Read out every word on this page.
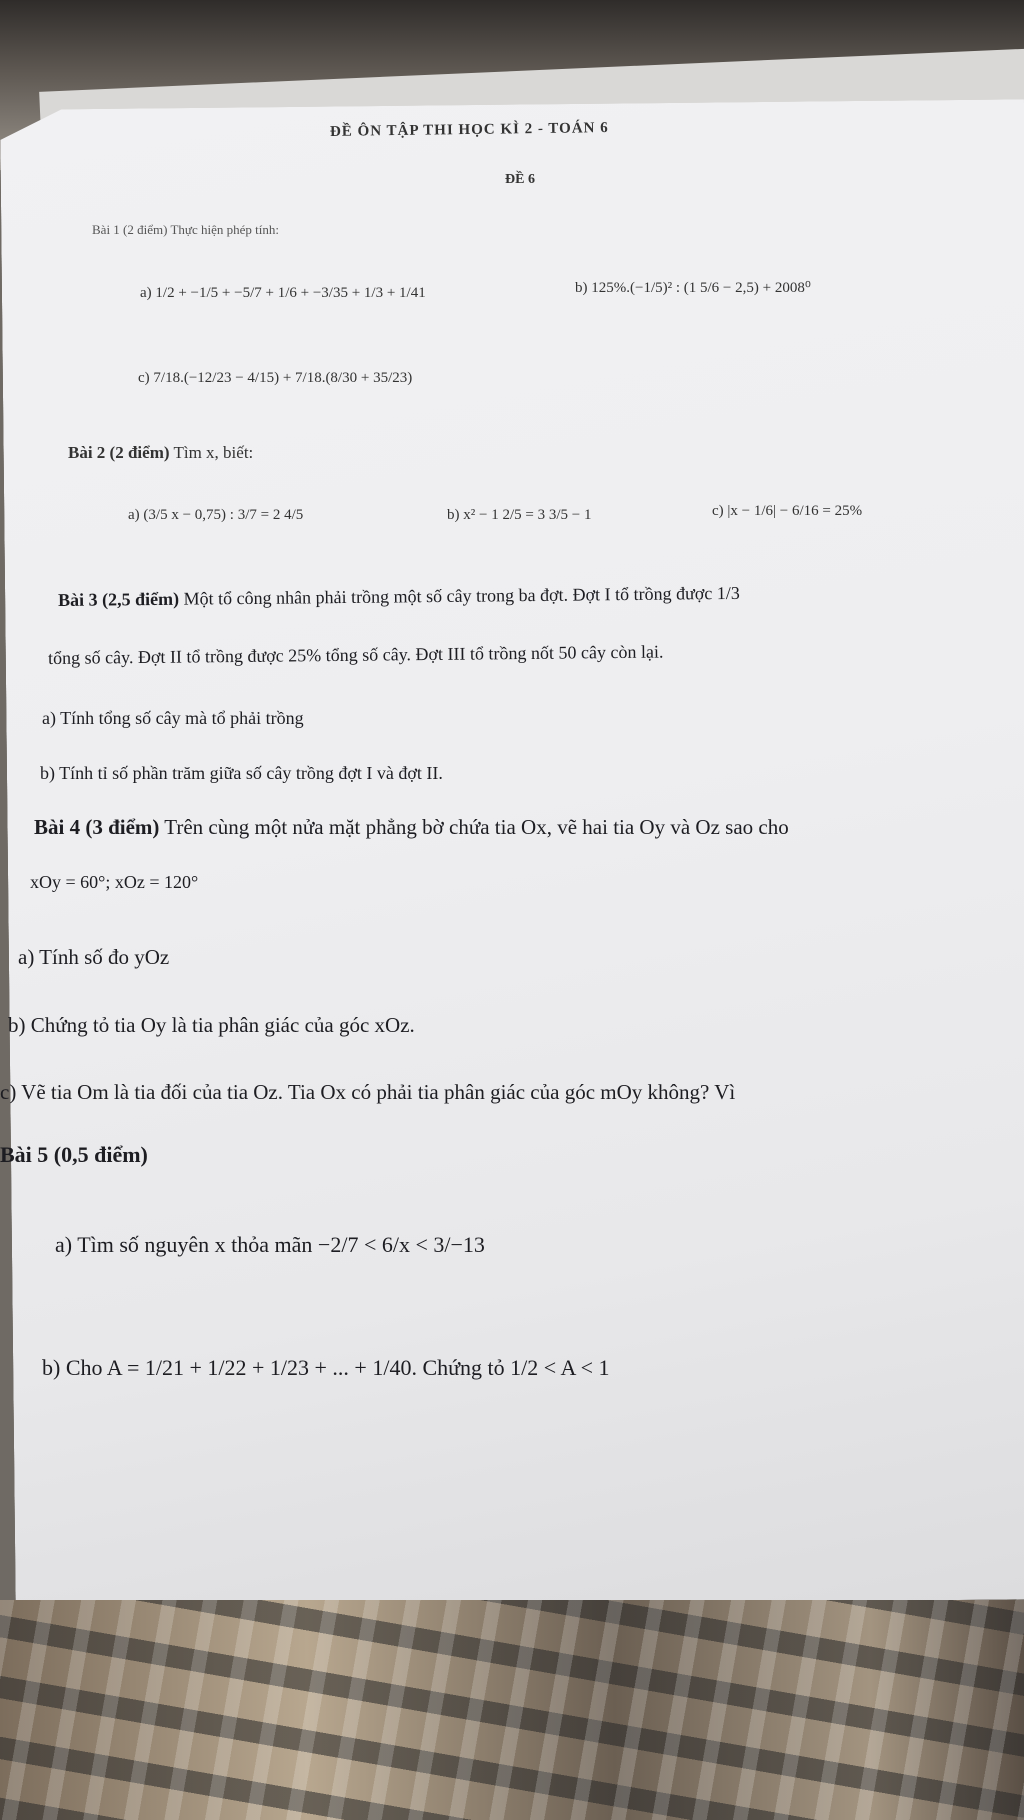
ĐỀ ÔN TẬP THI HỌC KÌ 2 - TOÁN 6
ĐỀ 6
Bài 1 (2 điểm) Thực hiện phép tính:
a) 1/2 + −1/5 + −5/7 + 1/6 + −3/35 + 1/3 + 1/41	b) 125%.(−1/5)² : (1 5/6 − 2,5) + 2008⁰
c) 7/18.(−12/23 − 4/15) + 7/18.(8/30 + 35/23)
Bài 2 (2 điểm) Tìm x, biết:
a) (3/5 x − 0,75) : 3/7 = 2 4/5	b) x² − 1 2/5 = 3 3/5 − 1	c) |x − 1/6| − 6/16 = 25%
Bài 3 (2,5 điểm) Một tổ công nhân phải trồng một số cây trong ba đợt. Đợt I tổ trồng được 1/3
tổng số cây. Đợt II tổ trồng được 25% tổng số cây. Đợt III tổ trồng nốt 50 cây còn lại.
a) Tính tổng số cây mà tổ phải trồng
b) Tính tỉ số phần trăm giữa số cây trồng đợt I và đợt II.
Bài 4 (3 điểm) Trên cùng một nửa mặt phẳng bờ chứa tia Ox, vẽ hai tia Oy và Oz sao cho
xOy = 60°; xOz = 120°
a) Tính số đo yOz
b) Chứng tỏ tia Oy là tia phân giác của góc xOz.
c) Vẽ tia Om là tia đối của tia Oz. Tia Ox có phải tia phân giác của góc mOy không? Vì
Bài 5 (0,5 điểm)
a) Tìm số nguyên x thỏa mãn −2/7 < 6/x < 3/−13
b) Cho A = 1/21 + 1/22 + 1/23 + ... + 1/40. Chứng tỏ 1/2 < A < 1
